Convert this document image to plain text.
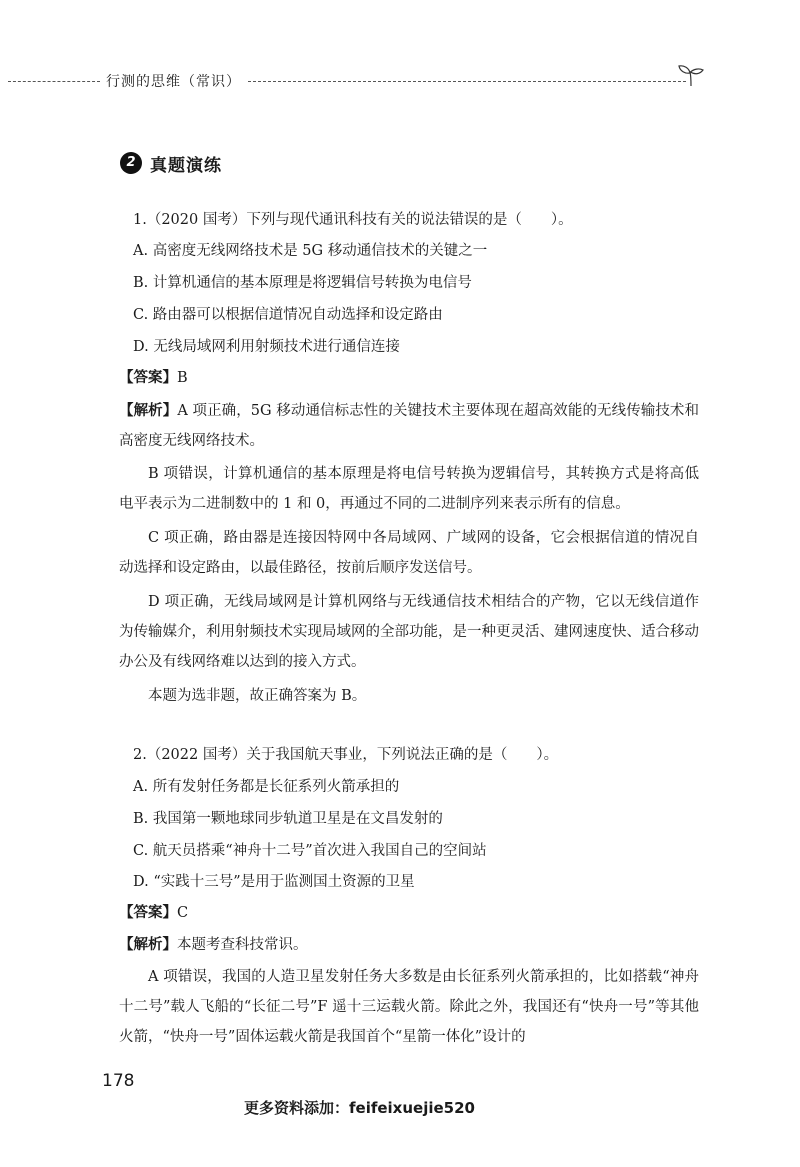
行测的思维（常识）
2 真题演练
1.（2020 国考）下列与现代通讯科技有关的说法错误的是（　　）。
A. 高密度无线网络技术是 5G 移动通信技术的关键之一
B. 计算机通信的基本原理是将逻辑信号转换为电信号
C. 路由器可以根据信道情况自动选择和设定路由
D. 无线局域网利用射频技术进行通信连接
【答案】B
【解析】A 项正确，5G 移动通信标志性的关键技术主要体现在超高效能的无线传输技术和高密度无线网络技术。
B 项错误，计算机通信的基本原理是将电信号转换为逻辑信号，其转换方式是将高低电平表示为二进制数中的 1 和 0，再通过不同的二进制序列来表示所有的信息。
C 项正确，路由器是连接因特网中各局域网、广域网的设备，它会根据信道的情况自动选择和设定路由，以最佳路径，按前后顺序发送信号。
D 项正确，无线局域网是计算机网络与无线通信技术相结合的产物，它以无线信道作为传输媒介，利用射频技术实现局域网的全部功能，是一种更灵活、建网速度快、适合移动办公及有线网络难以达到的接入方式。
本题为选非题，故正确答案为 B。
2.（2022 国考）关于我国航天事业，下列说法正确的是（　　）。
A. 所有发射任务都是长征系列火箭承担的
B. 我国第一颗地球同步轨道卫星是在文昌发射的
C. 航天员搭乘“神舟十二号”首次进入我国自己的空间站
D. “实践十三号”是用于监测国土资源的卫星
【答案】C
【解析】本题考查科技常识。
A 项错误，我国的人造卫星发射任务大多数是由长征系列火箭承担的，比如搭载“神舟十二号”载人飞船的“长征二号”F 遥十三运载火箭。除此之外，我国还有“快舟一号”等其他火箭，“快舟一号”固体运载火箭是我国首个“星箭一体化”设计的
178
更多资料添加：feifeixuejie520
